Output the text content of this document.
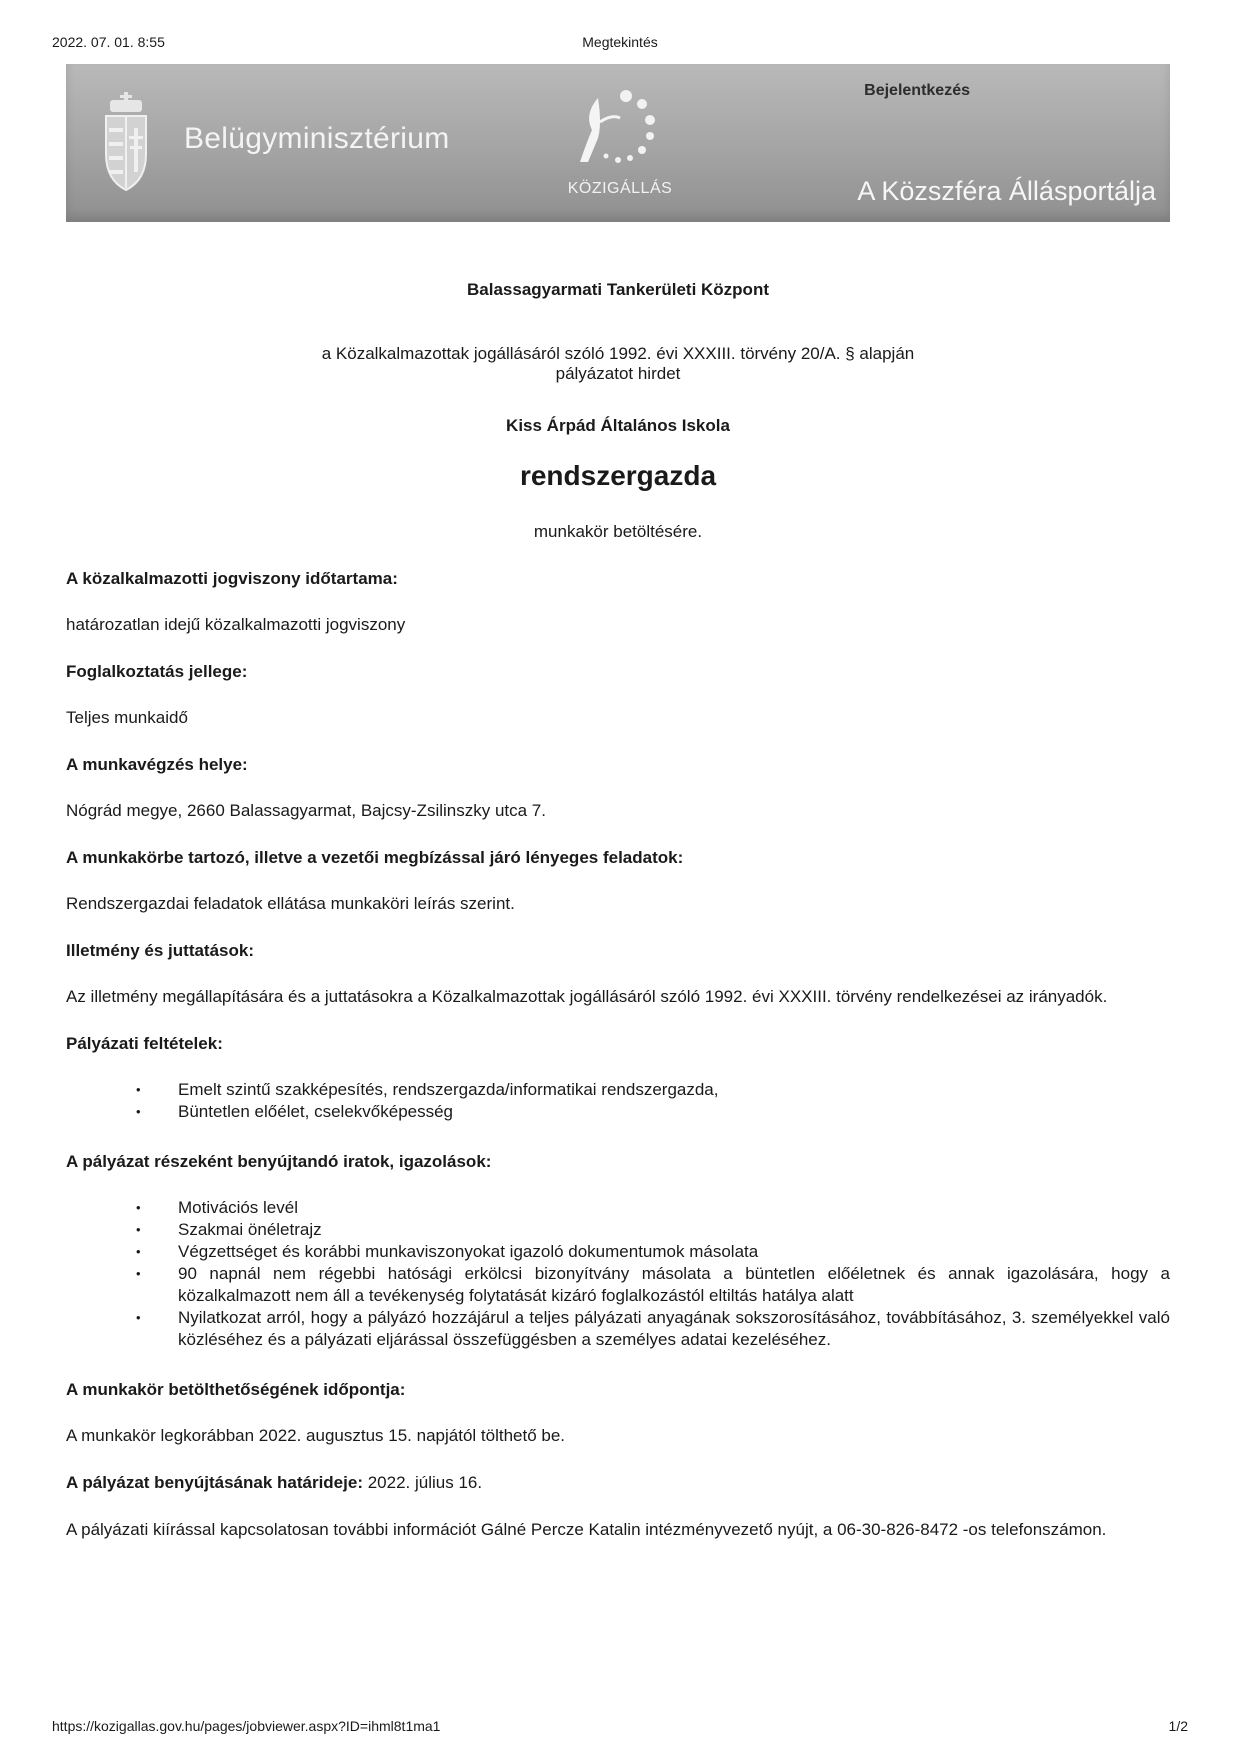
2022. 07. 01. 8:55	Megtekintés
Belügyminisztérium
KÖZIGÁLLÁS
Bejelentkezés
A Közszféra Állásportálja
Balassagyarmati Tankerületi Központ
a Közalkalmazottak jogállásáról szóló 1992. évi XXXIII. törvény 20/A. § alapján
pályázatot hirdet
Kiss Árpád Általános Iskola
rendszergazda
munkakör betöltésére.
A közalkalmazotti jogviszony időtartama:
határozatlan idejű közalkalmazotti jogviszony
Foglalkoztatás jellege:
Teljes munkaidő
A munkavégzés helye:
Nógrád megye, 2660 Balassagyarmat, Bajcsy-Zsilinszky utca 7.
A munkakörbe tartozó, illetve a vezetői megbízással járó lényeges feladatok:
Rendszergazdai feladatok ellátása munkaköri leírás szerint.
Illetmény és juttatások:
Az illetmény megállapítására és a juttatásokra a Közalkalmazottak jogállásáról szóló 1992. évi XXXIII. törvény rendelkezései az irányadók.
Pályázati feltételek:
• Emelt szintű szakképesítés, rendszergazda/informatikai rendszergazda,
• Büntetlen előélet, cselekvőképesség
A pályázat részeként benyújtandó iratok, igazolások:
• Motivációs levél
• Szakmai önéletrajz
• Végzettséget és korábbi munkaviszonyokat igazoló dokumentumok másolata
• 90 napnál nem régebbi hatósági erkölcsi bizonyítvány másolata a büntetlen előéletnek és annak igazolására, hogy a közalkalmazott nem áll a tevékenység folytatását kizáró foglalkozástól eltiltás hatálya alatt
• Nyilatkozat arról, hogy a pályázó hozzájárul a teljes pályázati anyagának sokszorosításához, továbbításához, 3. személyekkel való közléséhez és a pályázati eljárással összefüggésben a személyes adatai kezeléséhez.
A munkakör betölthetőségének időpontja:
A munkakör legkorábban 2022. augusztus 15. napjától tölthető be.
A pályázat benyújtásának határideje: 2022. július 16.
A pályázati kiírással kapcsolatosan további információt Gálné Percze Katalin intézményvezető nyújt, a 06-30-826-8472 -os telefonszámon.
https://kozigallas.gov.hu/pages/jobviewer.aspx?ID=ihml8t1ma1	1/2
